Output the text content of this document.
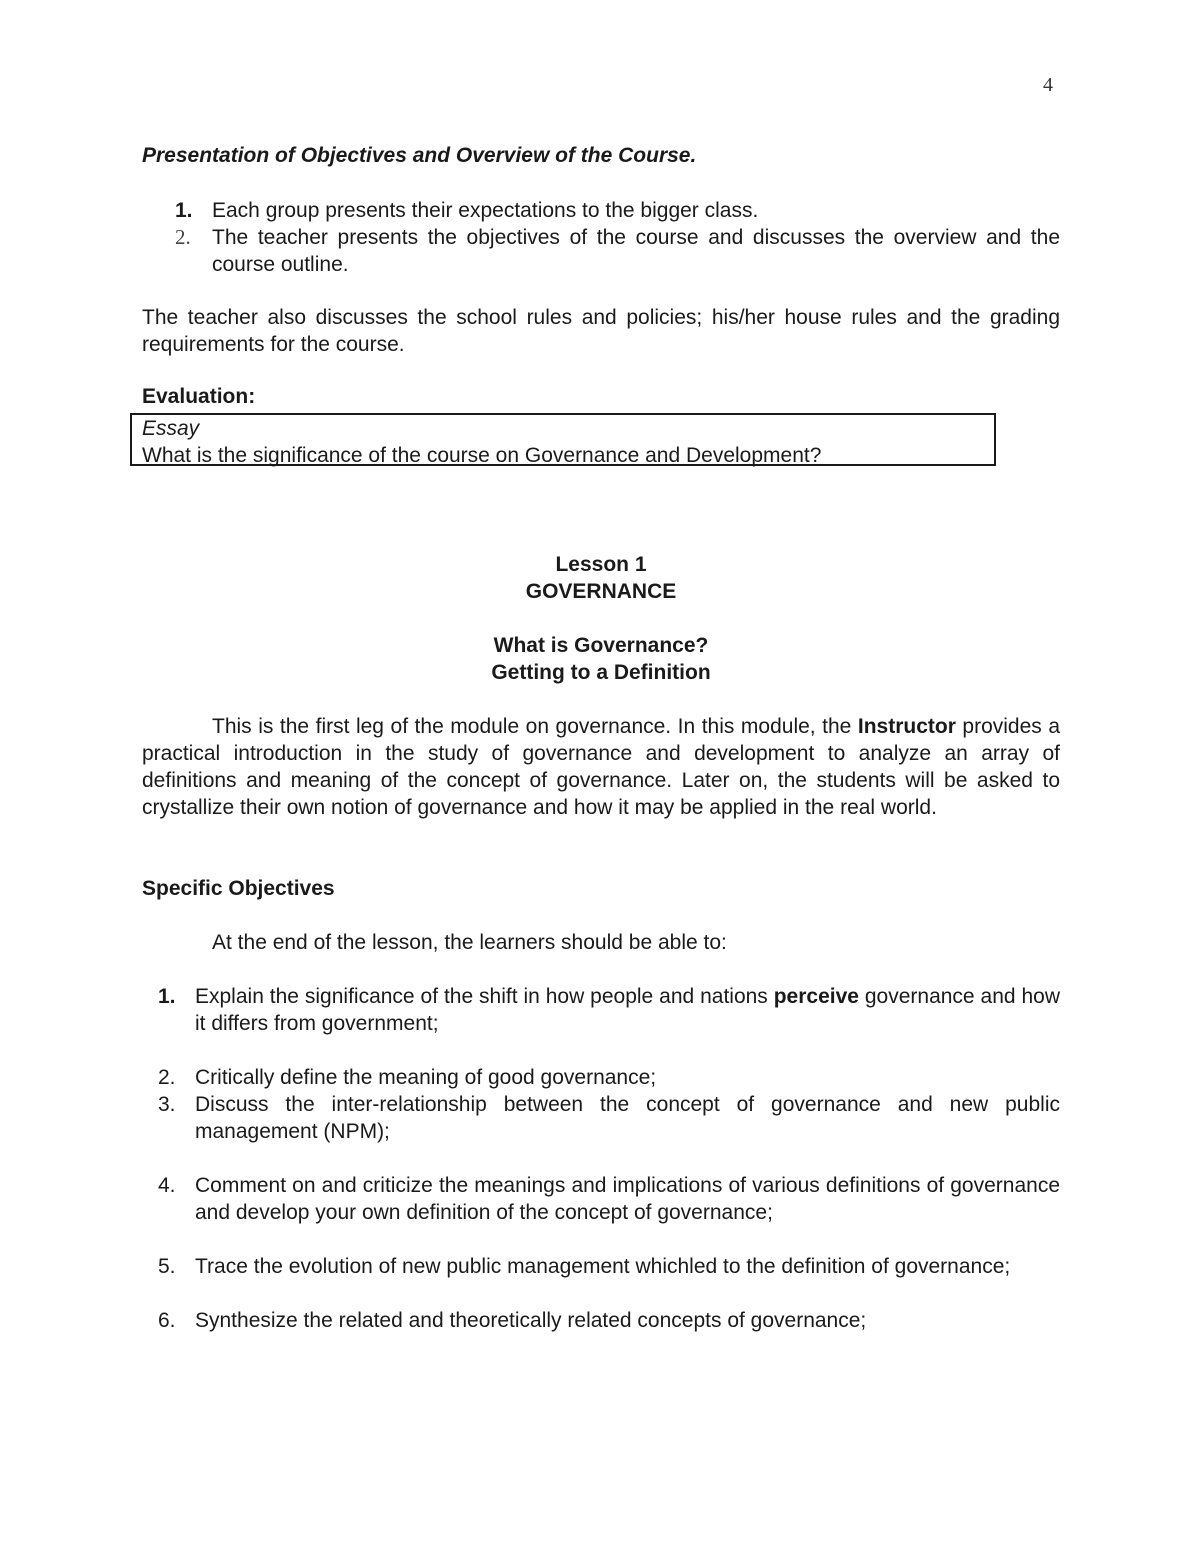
4

Presentation of Objectives and Overview of the Course.

1. Each group presents their expectations to the bigger class.
2. The teacher presents the objectives of the course and discusses the overview and the course outline.

The teacher also discusses the school rules and policies; his/her house rules and the grading requirements for the course.

Evaluation:

Essay
What is the significance of the course on Governance and Development?
Lesson 1
GOVERNANCE
What is Governance?
Getting to a Definition
This is the first leg of the module on governance. In this module, the Instructor provides a practical introduction in the study of governance and development to analyze an array of definitions and meaning of the concept of governance. Later on, the students will be asked to crystallize their own notion of governance and how it may be applied in the real world.
Specific Objectives
At the end of the lesson, the learners should be able to:
1. Explain the significance of the shift in how people and nations perceive governance and how it differs from government;
2. Critically define the meaning of good governance;
3. Discuss the inter-relationship between the concept of governance and new public management (NPM);
4. Comment on and criticize the meanings and implications of various definitions of governance and develop your own definition of the concept of governance;
5. Trace the evolution of new public management whichled to the definition of governance;
6. Synthesize the related and theoretically related concepts of governance;
